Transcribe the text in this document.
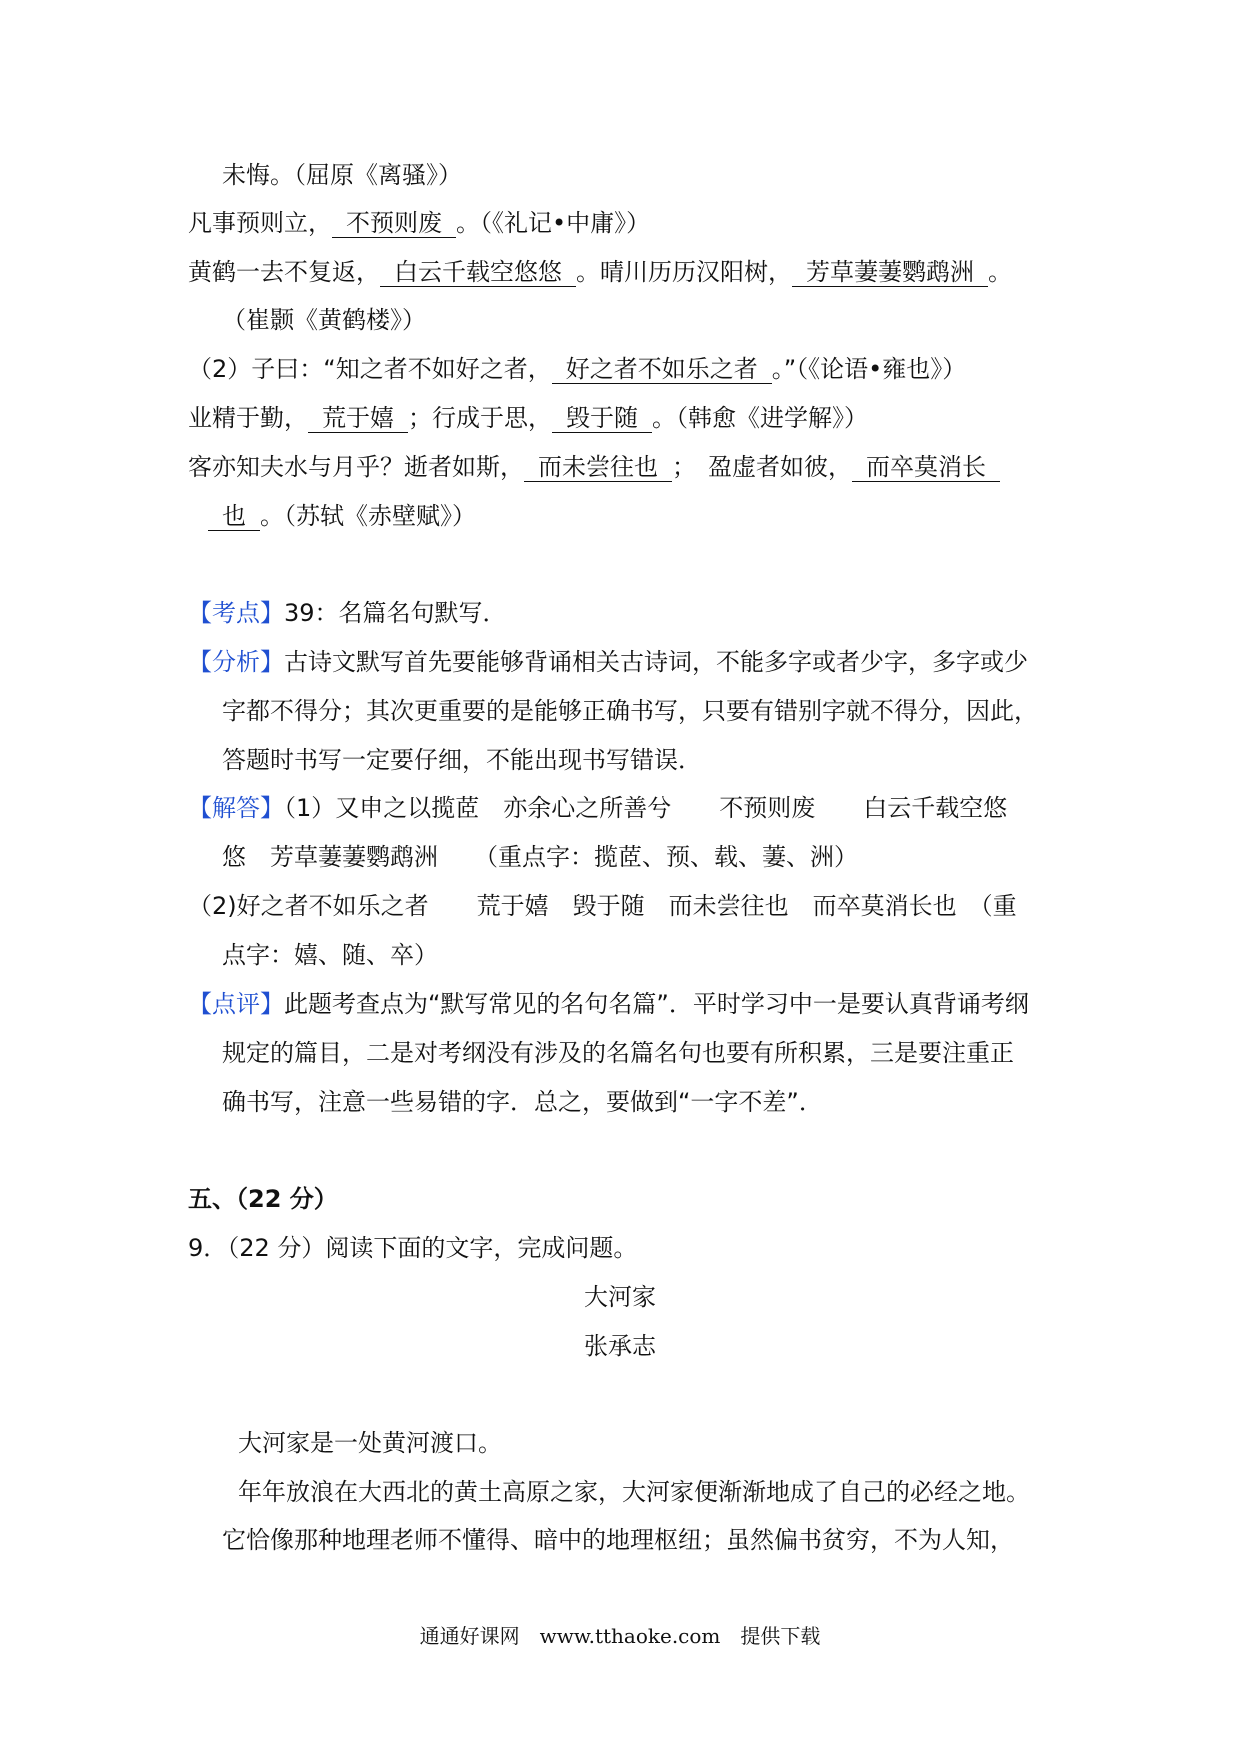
未悔。（屈原《离骚》）
凡事预则立， 不预则废 。（《礼记•中庸》）
黄鹤一去不复返， 白云千载空悠悠 。晴川历历汉阳树， 芳草萋萋鹦鹉洲 。
（崔颢《黄鹤楼》）
（2）子曰：“知之者不如好之者， 好之者不如乐之者 。”（《论语•雍也》）
业精于勤， 荒于嬉 ；行成于思， 毁于随 。（韩愈《进学解》）
客亦知夫水与月乎？逝者如斯， 而未尝往也 ；　盈虚者如彼， 而卒莫消长
也 。（苏轼《赤壁赋》）
【考点】39：名篇名句默写．
【分析】古诗文默写首先要能够背诵相关古诗词，不能多字或者少字，多字或少
字都不得分；其次更重要的是能够正确书写，只要有错别字就不得分，因此，
答题时书写一定要仔细，不能出现书写错误．
【解答】（1）又申之以揽茝　亦余心之所善兮　　不预则废　　白云千载空悠
悠　芳草萋萋鹦鹉洲　　（重点字：揽茝、预、载、萋、洲）
（2)好之者不如乐之者　　荒于嬉　毁于随　而未尝往也　而卒莫消长也　（重
点字：嬉、随、卒）
【点评】此题考查点为“默写常见的名句名篇”．平时学习中一是要认真背诵考纲
规定的篇目，二是对考纲没有涉及的名篇名句也要有所积累，三是要注重正
确书写，注意一些易错的字．总之，要做到“一字不差”．
五、（22 分）
9．（22 分）阅读下面的文字，完成问题。
大河家
张承志
大河家是一处黄河渡口。
年年放浪在大西北的黄土高原之家，大河家便渐渐地成了自己的必经之地。
它恰像那种地理老师不懂得、暗中的地理枢纽；虽然偏书贫穷，不为人知，
通通好课网　www.tthaoke.com　提供下载
